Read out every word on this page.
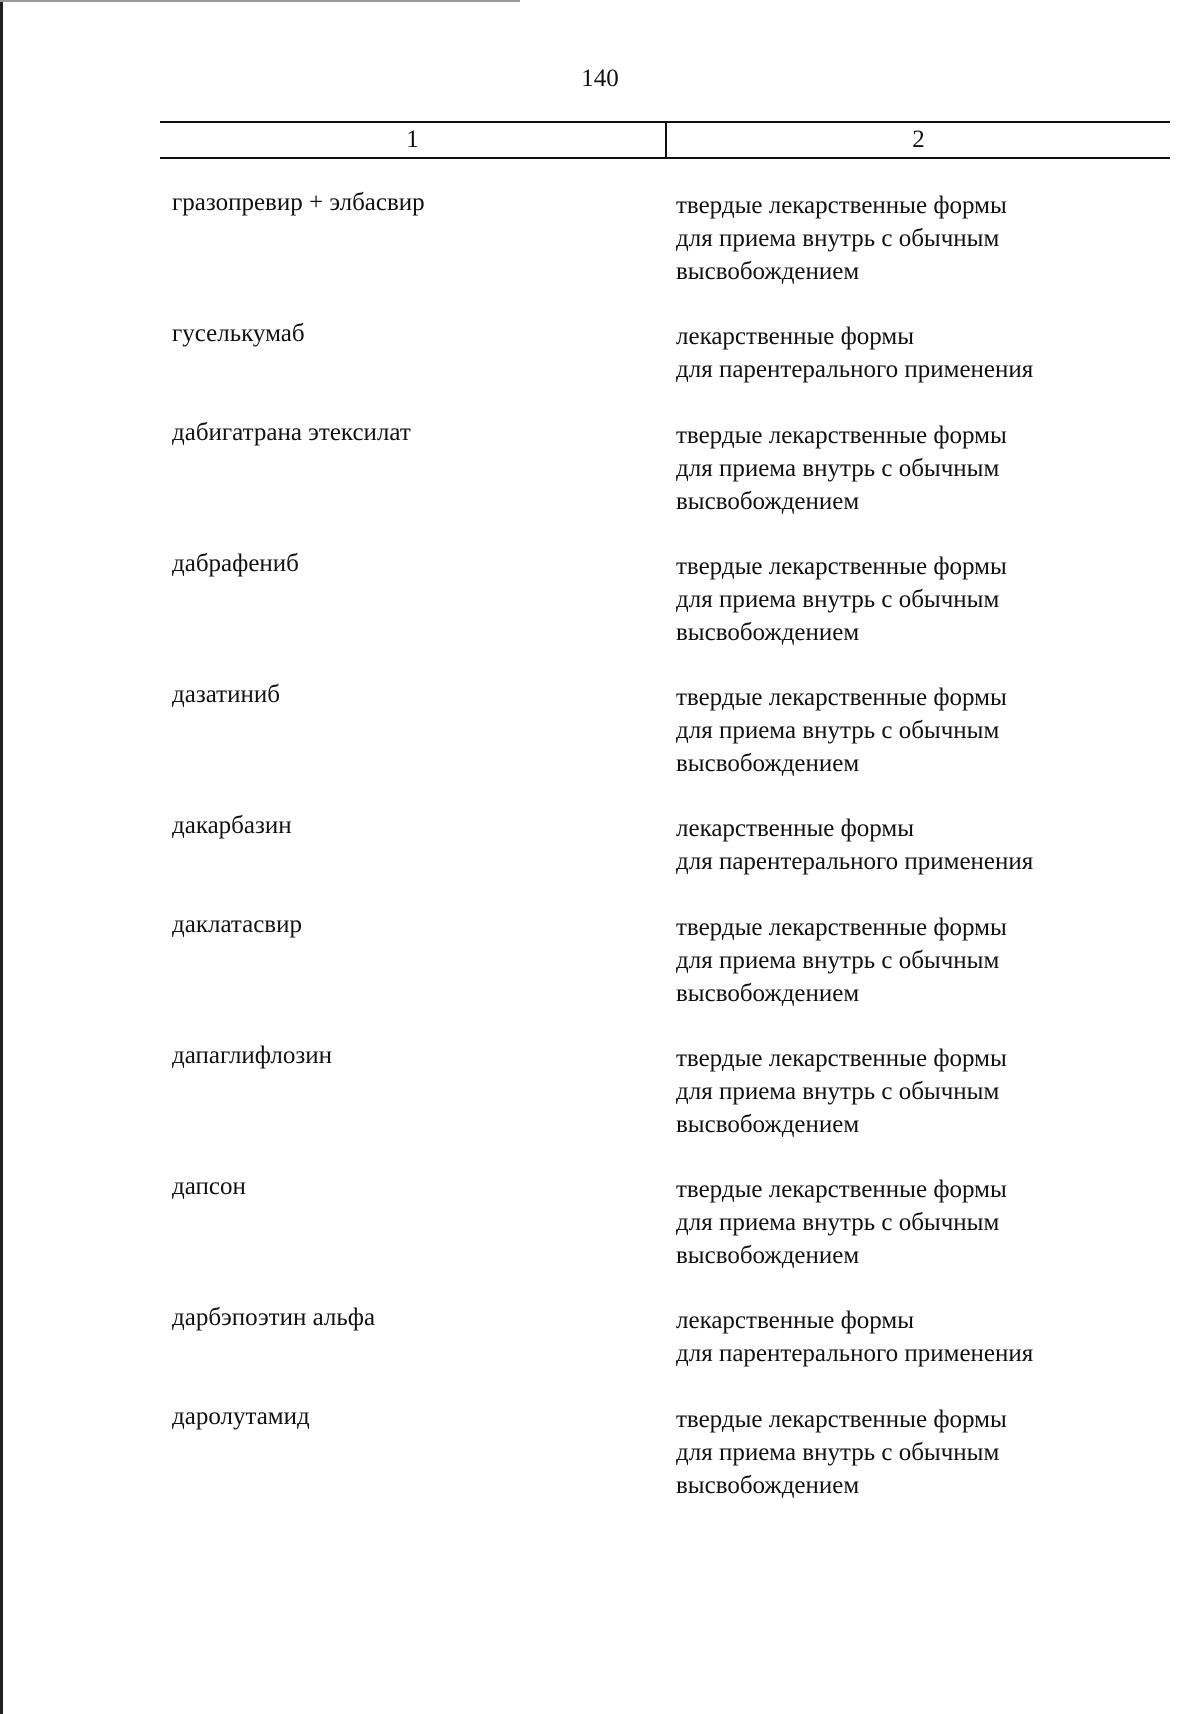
140
1	2
гразопревир + элбасвир	твердые лекарственные формы
для приема внутрь с обычным
высвобождением
гуселькумаб	лекарственные формы
для парентерального применения
дабигатрана этексилат	твердые лекарственные формы
для приема внутрь с обычным
высвобождением
дабрафениб	твердые лекарственные формы
для приема внутрь с обычным
высвобождением
дазатиниб	твердые лекарственные формы
для приема внутрь с обычным
высвобождением
дакарбазин	лекарственные формы
для парентерального применения
даклатасвир	твердые лекарственные формы
для приема внутрь с обычным
высвобождением
дапаглифлозин	твердые лекарственные формы
для приема внутрь с обычным
высвобождением
дапсон	твердые лекарственные формы
для приема внутрь с обычным
высвобождением
дарбэпоэтин альфа	лекарственные формы
для парентерального применения
даролутамид	твердые лекарственные формы
для приема внутрь с обычным
высвобождением
